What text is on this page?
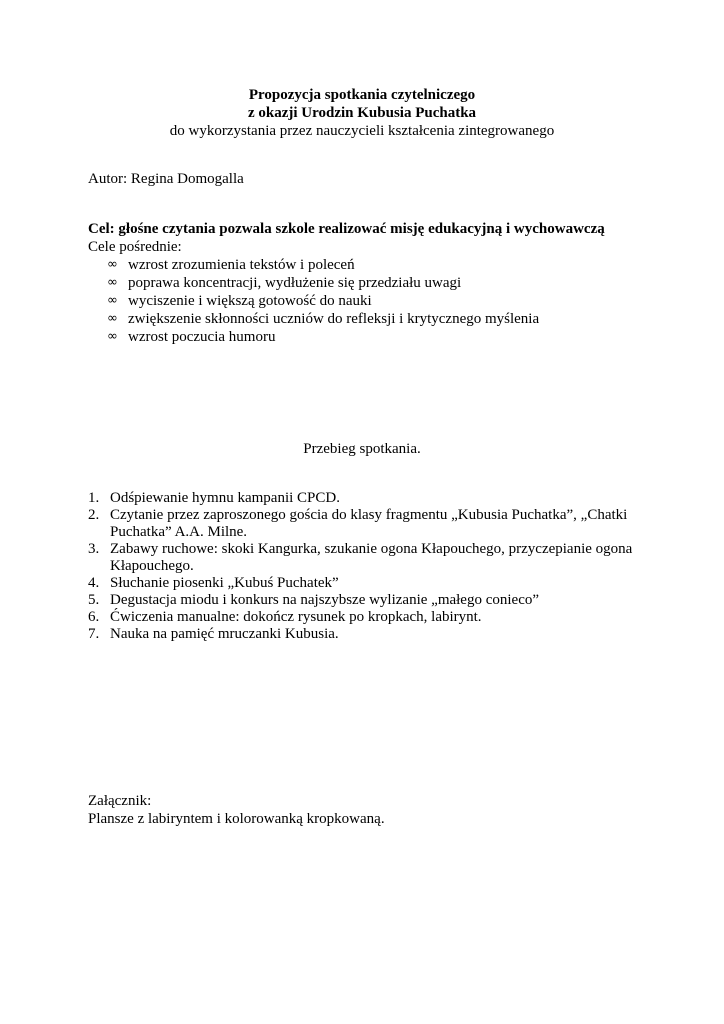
Propozycja spotkania czytelniczego
z okazji Urodzin Kubusia Puchatka
do wykorzystania przez nauczycieli kształcenia zintegrowanego
Autor: Regina Domogalla
Cel: głośne czytania pozwala szkole realizować misję edukacyjną i wychowawczą
Cele pośrednie:
∞ wzrost zrozumienia tekstów i poleceń
∞ poprawa koncentracji, wydłużenie się przedziału uwagi
∞ wyciszenie i większą gotowość do nauki
∞ zwiększenie skłonności uczniów do refleksji i krytycznego myślenia
∞ wzrost poczucia humoru
Przebieg spotkania.
1. Odśpiewanie hymnu kampanii CPCD.
2. Czytanie przez zaproszonego gościa do klasy fragmentu „Kubusia Puchatka”, „Chatki Puchatka” A.A. Milne.
3. Zabawy ruchowe: skoki Kangurka, szukanie ogona Kłapouchego, przyczepianie ogona Kłapouchego.
4. Słuchanie piosenki „Kubuś Puchatek”
5. Degustacja miodu i konkurs na najszybsze wylizanie „małego conieco”
6. Ćwiczenia manualne: dokończ rysunek po kropkach, labirynt.
7. Nauka na pamięć mruczanki Kubusia.
Załącznik:
Plansze z labiryntem i kolorowanką kropkowaną.
